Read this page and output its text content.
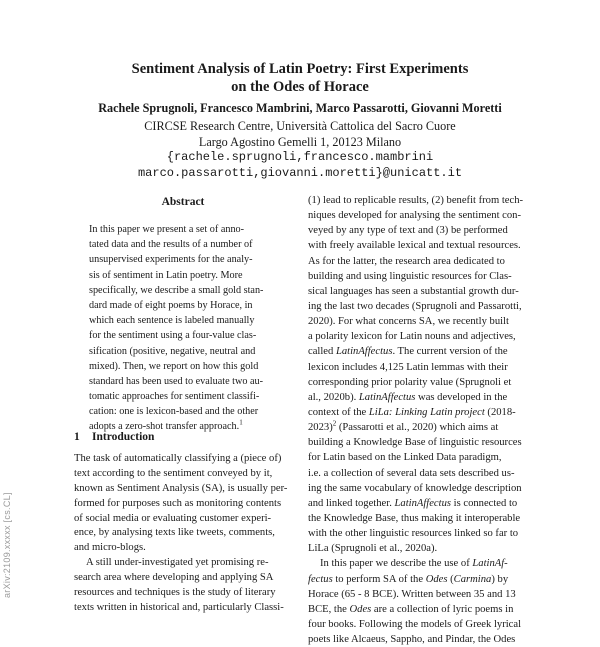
arXiv:2109.xxxxx [cs.CL]
Sentiment Analysis of Latin Poetry: First Experiments
on the Odes of Horace
Rachele Sprugnoli, Francesco Mambrini, Marco Passarotti, Giovanni Moretti
CIRCSE Research Centre, Università Cattolica del Sacro Cuore
Largo Agostino Gemelli 1, 20123 Milano
{rachele.sprugnoli,francesco.mambrini
marco.passarotti,giovanni.moretti}@unicatt.it
Abstract
In this paper we present a set of anno-
tated data and the results of a number of
unsupervised experiments for the analy-
sis of sentiment in Latin poetry. More
specifically, we describe a small gold stan-
dard made of eight poems by Horace, in
which each sentence is labeled manually
for the sentiment using a four-value clas-
sification (positive, negative, neutral and
mixed). Then, we report on how this gold
standard has been used to evaluate two au-
tomatic approaches for sentiment classifi-
cation: one is lexicon-based and the other
adopts a zero-shot transfer approach.$^1$
1 Introduction
The task of automatically classifying a (piece of)
text according to the sentiment conveyed by it,
known as Sentiment Analysis (SA), is usually per-
formed for purposes such as monitoring contents
of social media or evaluating customer experi-
ence, by analysing texts like tweets, comments,
and micro-blogs.
A still under-investigated yet promising re-
search area where developing and applying SA
resources and techniques is the study of literary
texts written in historical and, particularly Classi-
(1) lead to replicable results, (2) benefit from tech-
niques developed for analysing the sentiment con-
veyed by any type of text and (3) be performed
with freely available lexical and textual resources.
As for the latter, the research area dedicated to
building and using linguistic resources for Clas-
sical languages has seen a substantial growth dur-
ing the last two decades (Sprugnoli and Passarotti,
2020). For what concerns SA, we recently built
a polarity lexicon for Latin nouns and adjectives,
called LatinAffectus. The current version of the
lexicon includes 4,125 Latin lemmas with their
corresponding prior polarity value (Sprugnoli et
al., 2020b). LatinAffectus was developed in the
context of the LiLa: Linking Latin project (2018-
2023)$^2$ (Passarotti et al., 2020) which aims at
building a Knowledge Base of linguistic resources
for Latin based on the Linked Data paradigm,
i.e. a collection of several data sets described us-
ing the same vocabulary of knowledge description
and linked together. LatinAffectus is connected to
the Knowledge Base, thus making it interoperable
with the other linguistic resources linked so far to
LiLa (Sprugnoli et al., 2020a).
In this paper we describe the use of LatinAf-
fectus to perform SA of the Odes (Carmina) by
Horace (65 - 8 BCE). Written between 35 and 13
BCE, the Odes are a collection of lyric poems in
four books. Following the models of Greek lyrical
poets like Alcaeus, Sappho, and Pindar, the Odes
